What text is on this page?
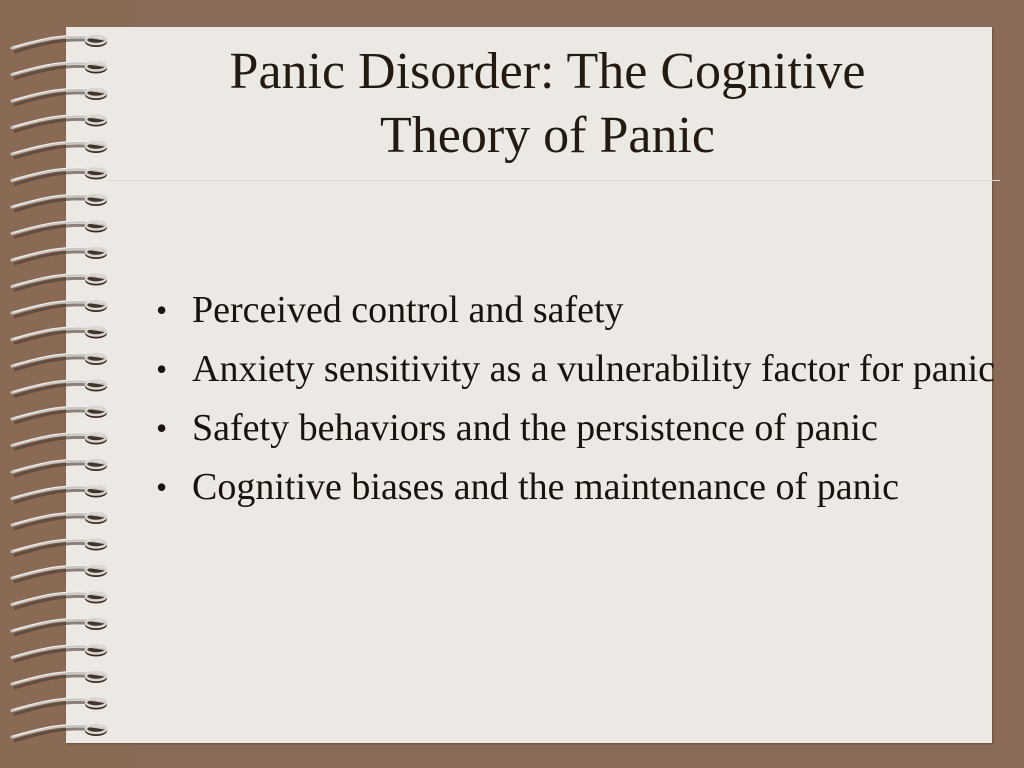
Panic Disorder: The Cognitive
Theory of Panic
• Perceived control and safety
• Anxiety sensitivity as a vulnerability factor for panic
• Safety behaviors and the persistence of panic
• Cognitive biases and the maintenance of panic
